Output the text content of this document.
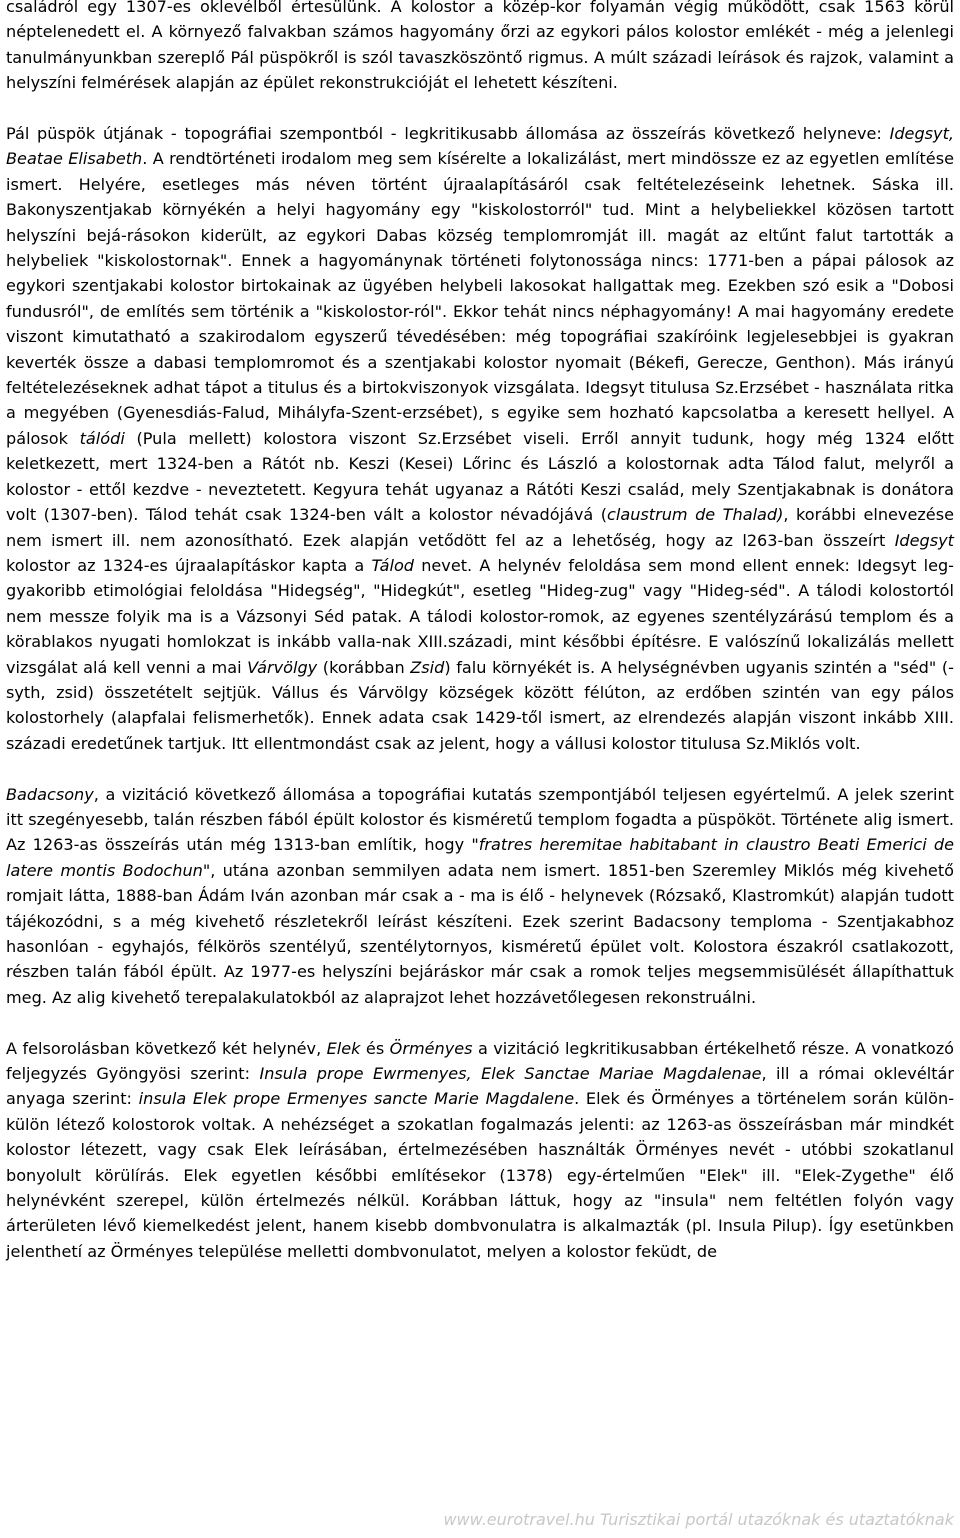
családról egy 1307-es oklevélből értesülünk. A kolostor a közép-kor folyamán végig működött, csak 1563 körül néptelenedett el. A környező falvakban számos hagyomány őrzi az egykori pálos kolostor emlékét - még a jelenlegi tanulmányunkban szereplő Pál püspökről is szól tavaszköszöntő rigmus. A múlt századi leírások és rajzok, valamint a helyszíni felmérések alapján az épület rekonstrukcióját el lehetett készíteni.

Pál püspök útjának - topográfiai szempontból - legkritikusabb állomása az összeírás következő helyneve: Idegsyt, Beatae Elisabeth. A rendtörténeti irodalom meg sem kísérelte a lokalizálást, mert mindössze ez az egyetlen említése ismert. Helyére, esetleges más néven történt újraalapításáról csak feltételezéseink lehetnek. Sáska ill. Bakonyszentjakab környékén a helyi hagyomány egy "kiskolostorról" tud. Mint a helybeliekkel közösen tartott helyszíni bejá-rásokon kiderült, az egykori Dabas község templomromját ill. magát az eltűnt falut tartották a helybeliek "kiskolostornak". Ennek a hagyománynak történeti folytonossága nincs: 1771-ben a pápai pálosok az egykori szentjakabi kolostor birtokainak az ügyében helybeli lakosokat hallgattak meg. Ezekben szó esik a "Dobosi fundusról", de említés sem történik a "kiskolostor-ról". Ekkor tehát nincs néphagyomány! A mai hagyomány eredete viszont kimutatható a szakirodalom egyszerű tévedésében: még topográfiai szakíróink legjelesebbjei is gyakran keverték össze a dabasi templomromot és a szentjakabi kolostor nyomait (Békefi, Gerecze, Genthon). Más irányú feltételezéseknek adhat tápot a titulus és a birtokviszonyok vizsgálata. Idegsyt titulusa Sz.Erzsébet - használata ritka a megyében (Gyenesdiás-Falud, Mihályfa-Szent-erzsébet), s egyike sem hozható kapcsolatba a keresett hellyel. A pálosok tálódi (Pula mellett) kolostora viszont Sz.Erzsébet viseli. Erről annyit tudunk, hogy még 1324 előtt keletkezett, mert 1324-ben a Rátót nb. Keszi (Kesei) Lőrinc és László a kolostornak adta Tálod falut, melyről a kolostor - ettől kezdve - neveztetett. Kegyura tehát ugyanaz a Rátóti Keszi család, mely Szentjakabnak is donátora volt (1307-ben). Tálod tehát csak 1324-ben vált a kolostor névadójává (claustrum de Thalad), korábbi elnevezése nem ismert ill. nem azonosítható. Ezek alapján vetődött fel az a lehetőség, hogy az l263-ban összeírt Idegsyt kolostor az 1324-es újraalapításkor kapta a Tálod nevet. A helynév feloldása sem mond ellent ennek: Idegsyt leg-gyakoribb etimológiai feloldása "Hidegség", "Hidegkút", esetleg "Hideg-zug" vagy "Hideg-séd". A tálodi kolostortól nem messze folyik ma is a Vázsonyi Séd patak. A tálodi kolostor-romok, az egyenes szentélyzárású templom és a körablakos nyugati homlokzat is inkább valla-nak XIII.századi, mint későbbi építésre. E valószínű lokalizálás mellett vizsgálat alá kell venni a mai Várvölgy (korábban Zsid) falu környékét is. A helységnévben ugyanis szintén a "séd" (-syth, zsid) összetételt sejtjük. Vállus és Várvölgy községek között félúton, az erdőben szintén van egy pálos kolostorhely (alapfalai felismerhetők). Ennek adata csak 1429-től ismert, az elrendezés alapján viszont inkább XIII. századi eredetűnek tartjuk. Itt ellentmondást csak az jelent, hogy a vállusi kolostor titulusa Sz.Miklós volt.

Badacsony, a vizitáció következő állomása a topográfiai kutatás szempontjából teljesen egyértelmű. A jelek szerint itt szegényesebb, talán részben fából épült kolostor és kisméretű templom fogadta a püspököt. Története alig ismert. Az 1263-as összeírás után még 1313-ban említik, hogy "fratres heremitae habitabant in claustro Beati Emerici de latere montis Bodochun", utána azonban semmilyen adata nem ismert. 1851-ben Szeremley Miklós még kivehető romjait látta, 1888-ban Ádám Iván azonban már csak a - ma is élő - helynevek (Rózsakő, Klastromkút) alapján tudott tájékozódni, s a még kivehető részletekről leírást készíteni. Ezek szerint Badacsony temploma - Szentjakabhoz hasonlóan - egyhajós, félkörös szentélyű, szentélytornyos, kisméretű épület volt. Kolostora északról csatlakozott, részben talán fából épült. Az 1977-es helyszíni bejáráskor már csak a romok teljes megsemmisülését állapíthattuk meg. Az alig kivehető terepalakulatokból az alaprajzot lehet hozzávetőlegesen rekonstruálni.

A felsorolásban következő két helynév, Elek és Örményes a vizitáció legkritikusabban értékelhető része. A vonatkozó feljegyzés Gyöngyösi szerint: Insula prope Ewrmenyes, Elek Sanctae Mariae Magdalenae, ill a római oklevéltár anyaga szerint: insula Elek prope Ermenyes sancte Marie Magdalene. Elek és Örményes a történelem során külön-külön létező kolostorok voltak. A nehézséget a szokatlan fogalmazás jelenti: az 1263-as összeírásban már mindkét kolostor létezett, vagy csak Elek leírásában, értelmezésében használták Örményes nevét - utóbbi szokatlanul bonyolult körülírás. Elek egyetlen későbbi említésekor (1378) egy-értelműen "Elek" ill. "Elek-Zygethe" élő helynévként szerepel, külön értelmezés nélkül. Korábban láttuk, hogy az "insula" nem feltétlen folyón vagy árterületen lévő kiemelkedést jelent, hanem kisebb dombvonulatra is alkalmazták (pl. Insula Pilup). Így esetünkben jelenthetí az Örményes települése melletti dombvonulatot, melyen a kolostor feküdt, de

www.eurotravel.hu Turisztikai portál utazóknak és utaztatóknak
